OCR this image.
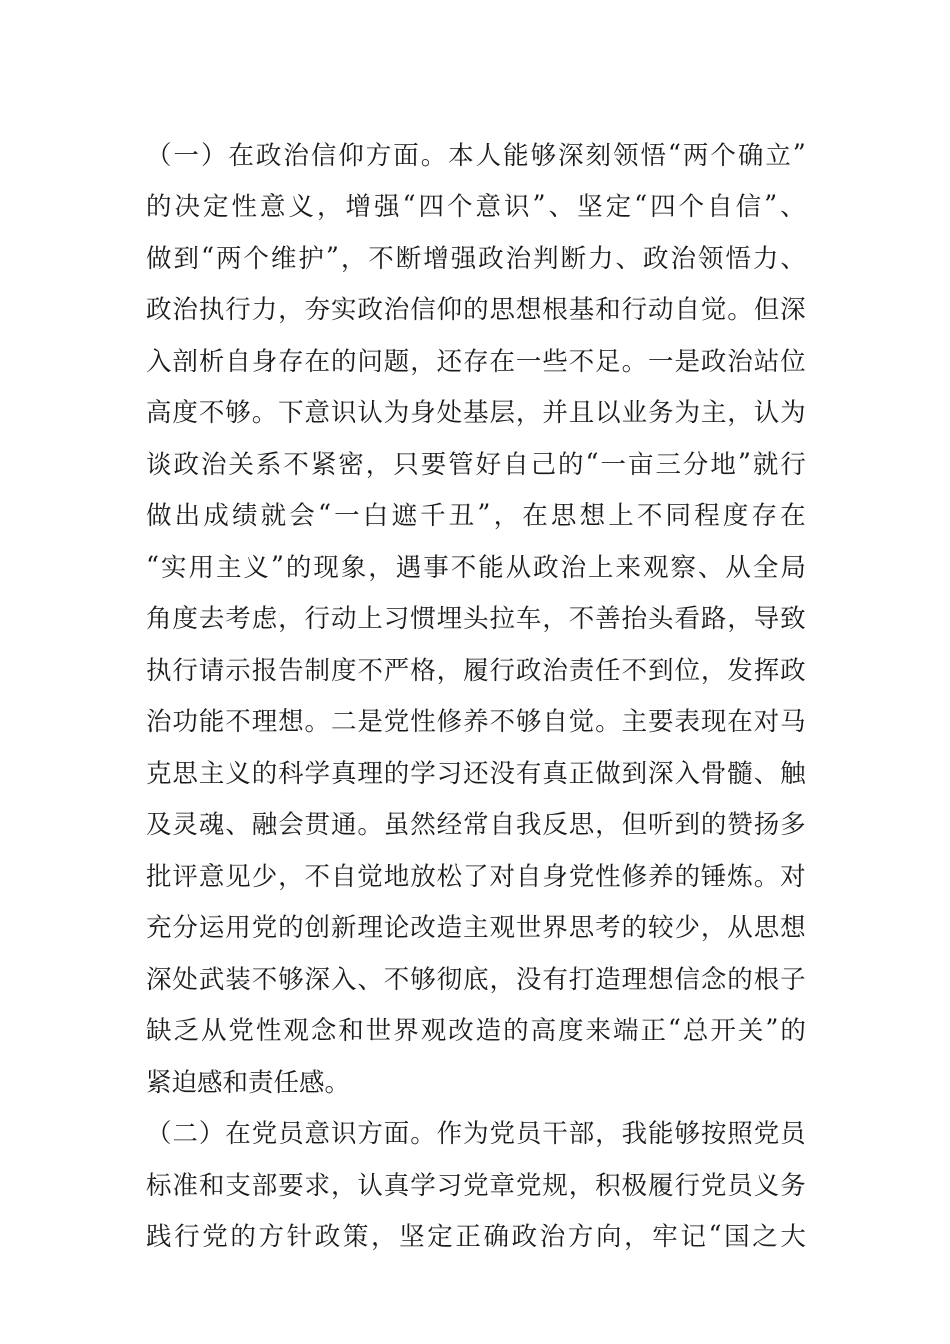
（ 一 ） 在 政 治 信 仰 方 面 。 本 人 能 够 深 刻 领 悟 “ 两 个 确 立 ”
的 决 定 性 意 义 ， 增 强 “ 四 个 意 识 ” 、 坚 定 “ 四 个 自 信 ” 、
做 到 “ 两 个 维 护 ” ， 不 断 增 强 政 治 判 断 力 、 政 治 领 悟 力 、
政 治 执 行 力 ， 夯 实 政 治 信 仰 的 思 想 根 基 和 行 动 自 觉 。 但 深
入 剖 析 自 身 存 在 的 问 题 ， 还 存 在 一 些 不 足 。 一 是 政 治 站 位
高 度 不 够 。 下 意 识 认 为 身 处 基 层 ， 并 且 以 业 务 为 主 ， 认 为
谈 政 治 关 系 不 紧 密 ， 只 要 管 好 自 己 的 “ 一 亩 三 分 地 ” 就 行
做 出 成 绩 就 会 “ 一 白 遮 千 丑 ” ， 在 思 想 上 不 同 程 度 存 在
“ 实 用 主 义 ” 的 现 象 ， 遇 事 不 能 从 政 治 上 来 观 察 、 从 全 局
角 度 去 考 虑 ， 行 动 上 习 惯 埋 头 拉 车 ， 不 善 抬 头 看 路 ， 导 致
执 行 请 示 报 告 制 度 不 严 格 ， 履 行 政 治 责 任 不 到 位 ， 发 挥 政
治 功 能 不 理 想 。 二 是 党 性 修 养 不 够 自 觉 。 主 要 表 现 在 对 马
克 思 主 义 的 科 学 真 理 的 学 习 还 没 有 真 正 做 到 深 入 骨 髓 、 触
及 灵 魂 、 融 会 贯 通 。 虽 然 经 常 自 我 反 思 ， 但 听 到 的 赞 扬 多
批 评 意 见 少 ， 不 自 觉 地 放 松 了 对 自 身 党 性 修 养 的 锤 炼 。 对
充 分 运 用 党 的 创 新 理 论 改 造 主 观 世 界 思 考 的 较 少 ， 从 思 想
深 处 武 装 不 够 深 入 、 不 够 彻 底 ， 没 有 打 造 理 想 信 念 的 根 子
缺 乏 从 党 性 观 念 和 世 界 观 改 造 的 高 度 来 端 正 “ 总 开 关 ” 的
紧迫感和责任感。
（ 二 ） 在 党 员 意 识 方 面 。 作 为 党 员 干 部 ， 我 能 够 按 照 党 员
标 准 和 支 部 要 求 ， 认 真 学 习 党 章 党 规 ， 积 极 履 行 党 员 义 务
践 行 党 的 方 针 政 策 ， 坚 定 正 确 政 治 方 向 ， 牢 记 “ 国 之 大
